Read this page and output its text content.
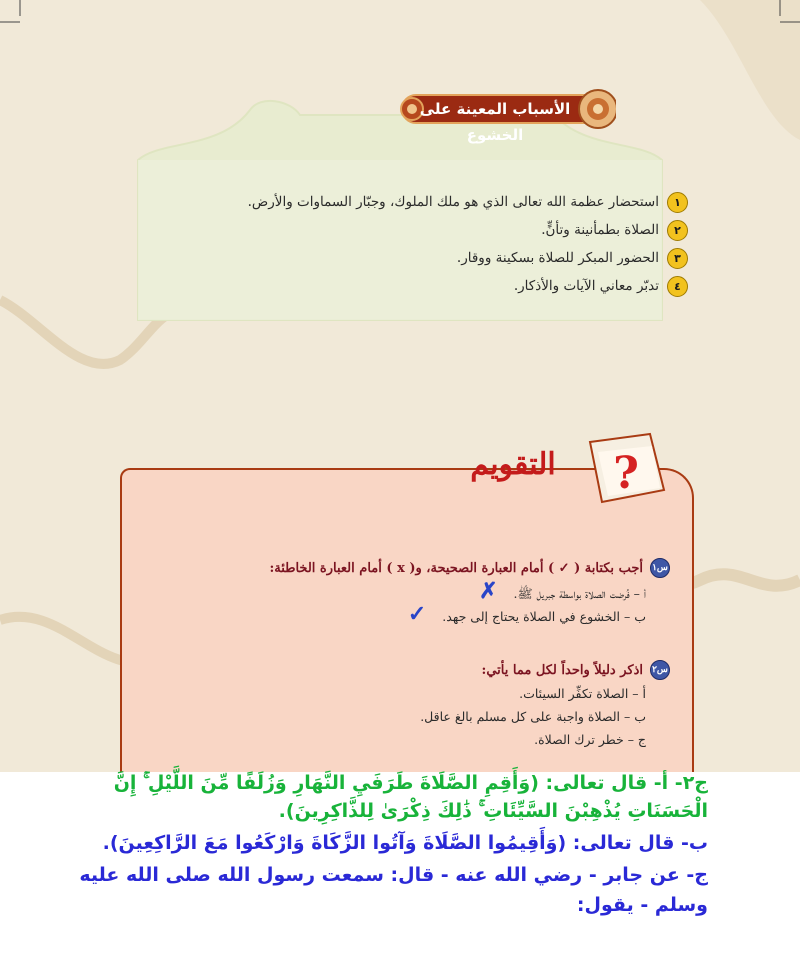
الأسباب المعينة على الخشوع
١
استحضار عظمة الله تعالى الذي هو ملك الملوك، وجبّار السماوات والأرض.
٢
الصلاة بطمأنينة وتأنٍّ.
٣
الحضور المبكر للصلاة بسكينة ووقار.
٤
تدبّر معاني الآيات والأذكار.
?
التقويم
س١
أجب بكتابة ( ✓ ) أمام العبارة الصحيحة، و( x ) أمام العبارة الخاطئة:
أ – فُرضت الصلاة بواسطة جبريل ﷺ. ✗
ب – الخشوع في الصلاة يحتاج إلى جهد. ✓
س٢
اذكر دليلاً واحداً لكل مما يأتي:
أ – الصلاة تكفِّر السيئات.
ب – الصلاة واجبة على كل مسلم بالغ عاقل.
ج – خطر ترك الصلاة.
ج٢- أ- قال تعالى: (وَأَقِمِ الصَّلَاةَ طَرَفَيِ النَّهَارِ وَزُلَفًا مِّنَ اللَّيْلِ ۚ إِنَّ
الْحَسَنَاتِ يُذْهِبْنَ السَّيِّئَاتِ ۚ ذَٰلِكَ ذِكْرَىٰ لِلذَّاكِرِينَ).
ب- قال تعالى: (وَأَقِيمُوا الصَّلَاةَ وَآتُوا الزَّكَاةَ وَارْكَعُوا مَعَ الرَّاكِعِينَ).
ج- عن جابر - رضي الله عنه - قال: سمعت رسول الله صلى الله عليه
وسلم - يقول:
